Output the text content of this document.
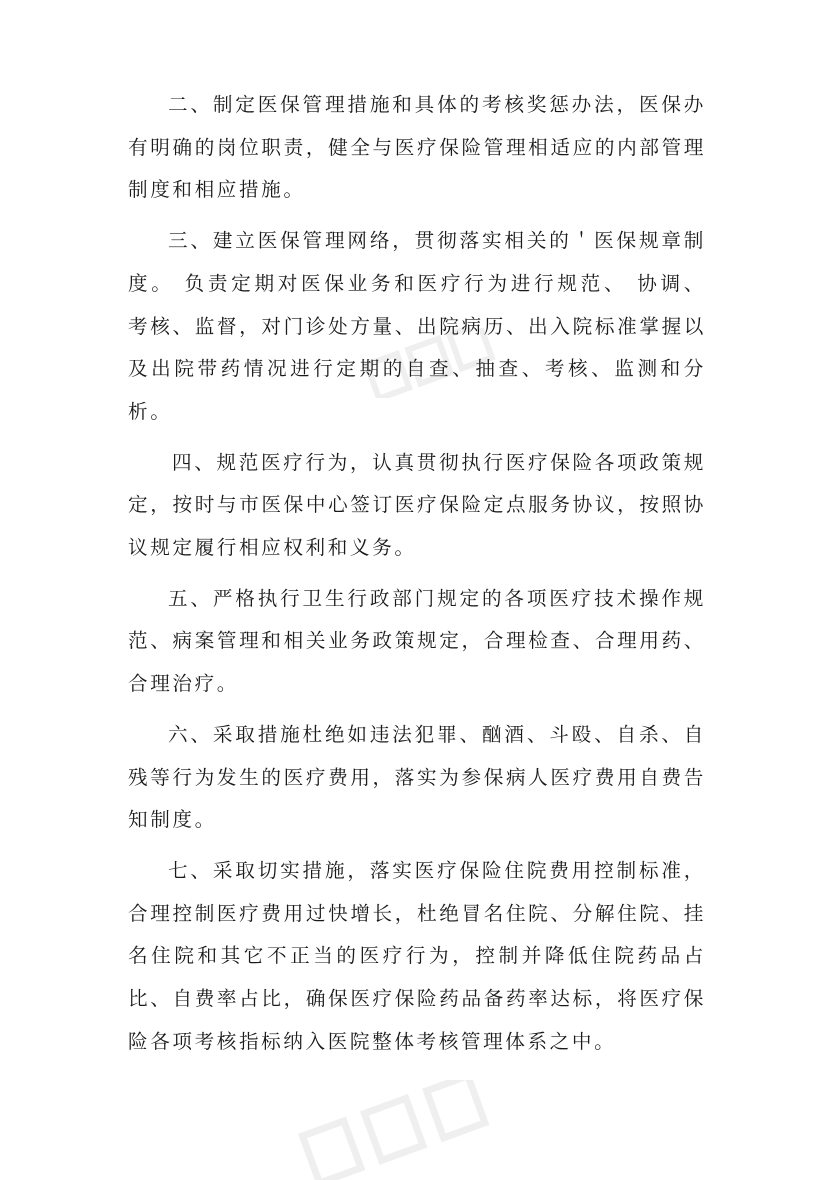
二、制定医保管理措施和具体的考核奖惩办法，医保办有明确的岗位职责，健全与医疗保险管理相适应的内部管理制度和相应措施。

三、建立医保管理网络，贯彻落实相关的＇医保规章制度。 负责定期对医保业务和医疗行为进行规范、 协调、 考核、监督，对门诊处方量、出院病历、出入院标准掌握以及出院带药情况进行定期的自查、抽查、考核、监测和分析。

四、规范医疗行为，认真贯彻执行医疗保险各项政策规定，按时与市医保中心签订医疗保险定点服务协议，按照协议规定履行相应权利和义务。

五、严格执行卫生行政部门规定的各项医疗技术操作规范、病案管理和相关业务政策规定，合理检查、合理用药、合理治疗。

六、采取措施杜绝如违法犯罪、酗酒、斗殴、自杀、自残等行为发生的医疗费用，落实为参保病人医疗费用自费告知制度。

七、采取切实措施，落实医疗保险住院费用控制标准，合理控制医疗费用过快增长，杜绝冒名住院、分解住院、挂名住院和其它不正当的医疗行为，控制并降低住院药品占比、自费率占比，确保医疗保险药品备药率达标，将医疗保险各项考核指标纳入医院整体考核管理体系之中。
